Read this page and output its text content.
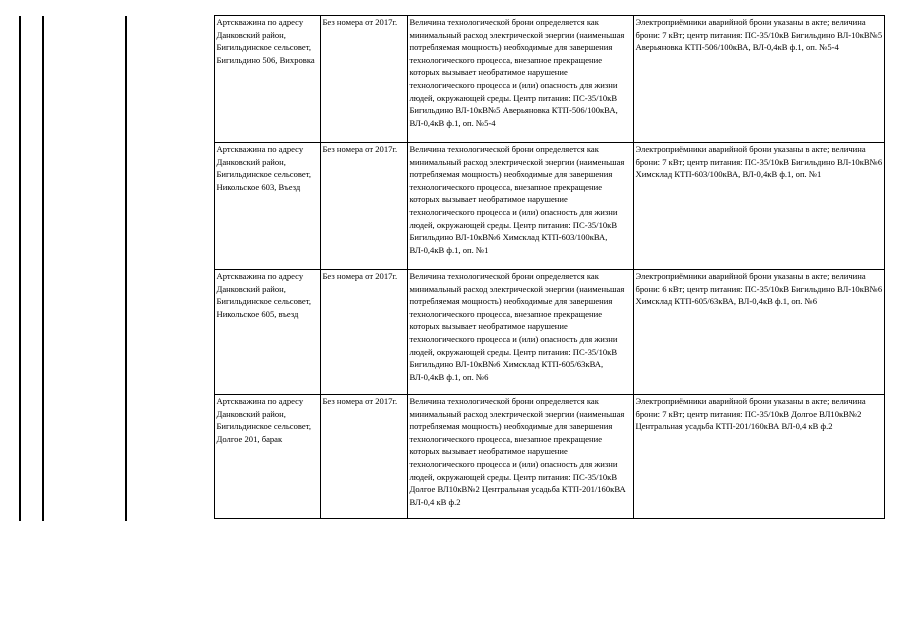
Артскважина по адресу Данковский район, Бигильдинское сельсовет, Бигильдино 506, Вихровка	Без номера от 2017г.	Величина технологической брони определяется как минимальный расход электрической энергии (наименьшая потребляемая мощность) необходимые для завершения технологического процесса, внезапное прекращение которых вызывает необратимое нарушение технологического процесса и (или) опасность для жизни людей, окружающей среды. Центр питания: ПС-35/10кВ Бигильдино ВЛ-10кВ№5 Аверьяновка КТП-506/100кВА, ВЛ-0,4кВ ф.1, оп. №5-4	Электроприёмники аварийной брони указаны в акте; величина брони: 7 кВт; центр питания: ПС-35/10кВ Бигильдино ВЛ-10кВ№5 Аверьяновка КТП-506/100кВА, ВЛ-0,4кВ ф.1, оп. №5-4
Артскважина по адресу Данковский район, Бигильдинское сельсовет, Никольское 603, Въезд	Без номера от 2017г.	Величина технологической брони определяется как минимальный расход электрической энергии (наименьшая потребляемая мощность) необходимые для завершения технологического процесса, внезапное прекращение которых вызывает необратимое нарушение технологического процесса и (или) опасность для жизни людей, окружающей среды. Центр питания: ПС-35/10кВ Бигильдино ВЛ-10кВ№6 Химсклад КТП-603/100кВА, ВЛ-0,4кВ ф.1, оп. №1	Электроприёмники аварийной брони указаны в акте; величина брони: 7 кВт; центр питания: ПС-35/10кВ Бигильдино ВЛ-10кВ№6 Химсклад КТП-603/100кВА, ВЛ-0,4кВ ф.1, оп. №1
Артскважина по адресу Данковский район, Бигильдинское сельсовет, Никольское 605, въезд	Без номера от 2017г.	Величина технологической брони определяется как минимальный расход электрической энергии (наименьшая потребляемая мощность) необходимые для завершения технологического процесса, внезапное прекращение которых вызывает необратимое нарушение технологического процесса и (или) опасность для жизни людей, окружающей среды. Центр питания: ПС-35/10кВ Бигильдино ВЛ-10кВ№6 Химсклад КТП-605/63кВА, ВЛ-0,4кВ ф.1, оп. №6	Электроприёмники аварийной брони указаны в акте; величина брони: 6 кВт; центр питания: ПС-35/10кВ Бигильдино ВЛ-10кВ№6 Химсклад КТП-605/63кВА, ВЛ-0,4кВ ф.1, оп. №6
Артскважина по адресу Данковский район, Бигильдинское сельсовет, Долгое 201, барак	Без номера от 2017г.	Величина технологической брони определяется как минимальный расход электрической энергии (наименьшая потребляемая мощность) необходимые для завершения технологического процесса, внезапное прекращение которых вызывает необратимое нарушение технологического процесса и (или) опасность для жизни людей, окружающей среды. Центр питания: ПС-35/10кВ Долгое ВЛ10кВ№2 Центральная усадьба КТП-201/160кВА ВЛ-0,4 кВ ф.2	Электроприёмники аварийной брони указаны в акте; величина брони: 7 кВт; центр питания: ПС-35/10кВ Долгое ВЛ10кВ№2 Центральная усадьба КТП-201/160кВА ВЛ-0,4 кВ ф.2
